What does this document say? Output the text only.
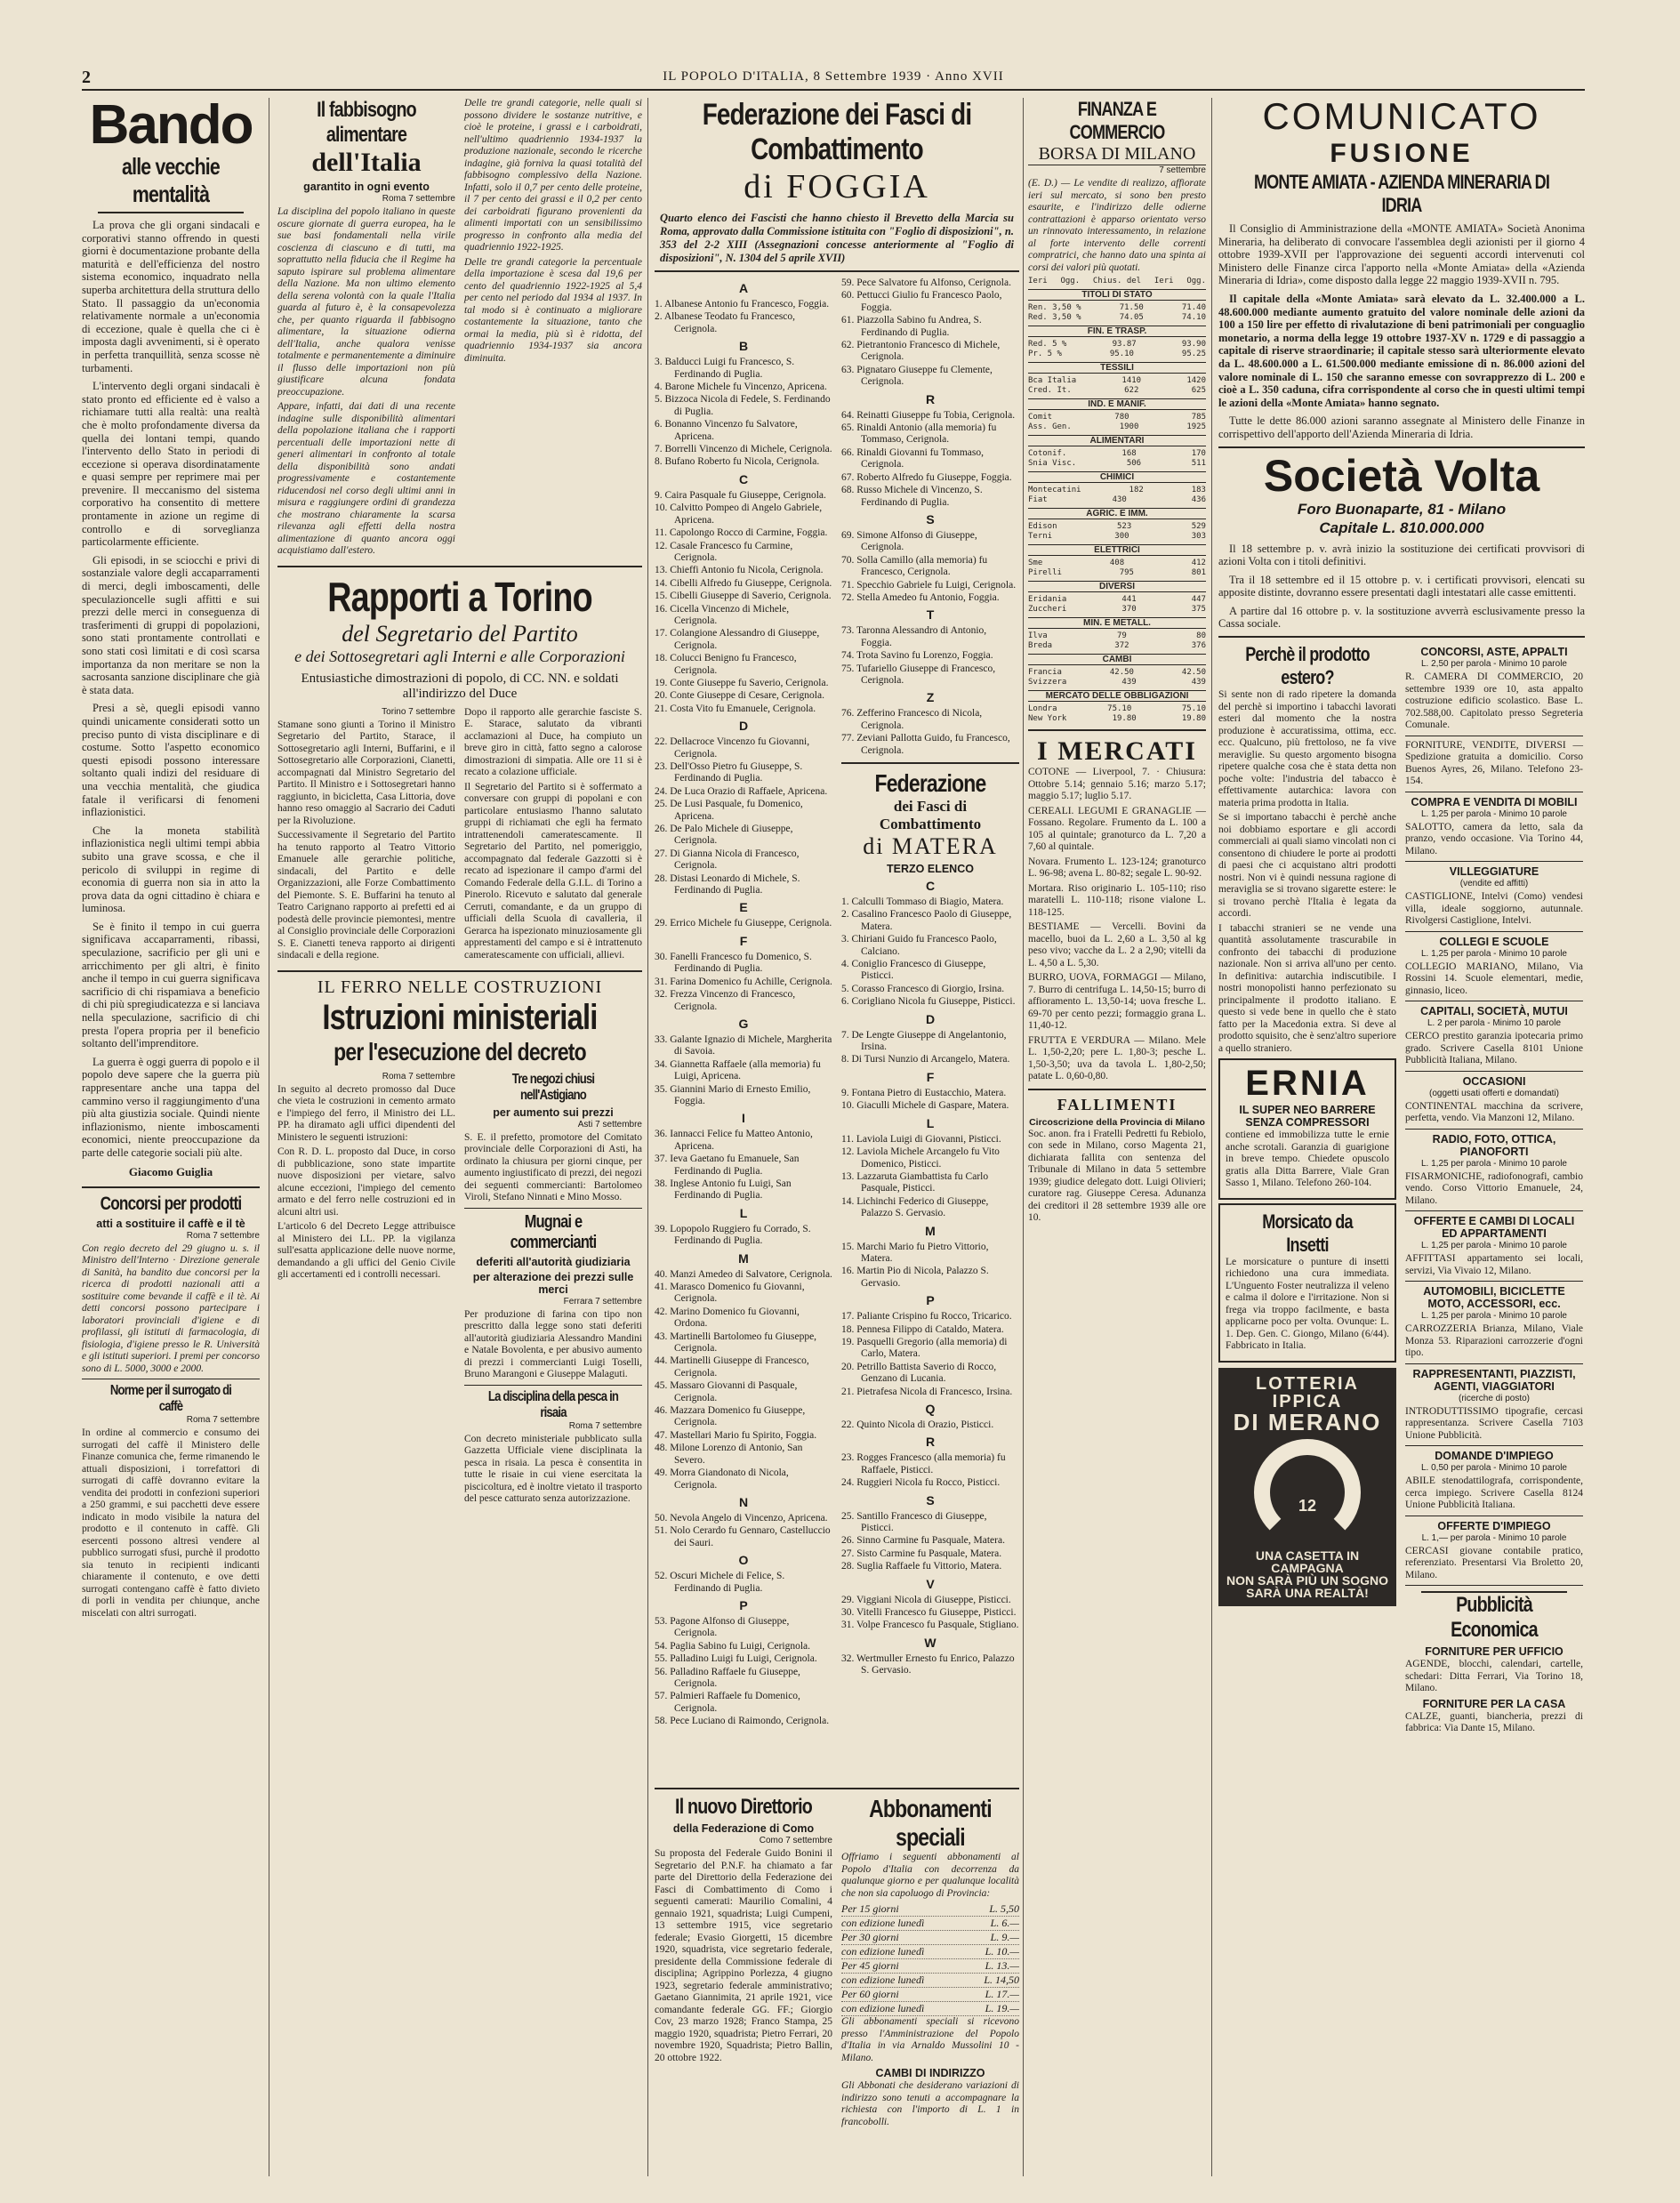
2	IL POPOLO D'ITALIA, 8 Settembre 1939 · Anno XVII
Bando
alle vecchie mentalità

La prova che gli organi sindacali e corporativi stanno offrendo in questi giorni è documentazione probante della maturità e dell'efficienza del nostro sistema economico, inquadrato nella superba architettura della struttura dello Stato. Il passaggio da un'economia relativamente normale a un'economia di eccezione, quale è quella che ci è imposta dagli avvenimenti, si è operato in perfetta tranquillità, senza scosse nè turbamenti.

L'intervento degli organi sindacali è stato pronto ed efficiente ed è valso a richiamare tutti alla realtà: una realtà che è molto profondamente diversa da quella dei lontani tempi, quando l'intervento dello Stato in periodi di eccezione si operava disordinatamente e quasi sempre per reprimere mai per prevenire. Il meccanismo del sistema corporativo ha consentito di mettere prontamente in azione un regime di controllo e di sorveglianza particolarmente efficiente.

Gli episodi, in se sciocchi e privi di sostanziale valore degli accaparramenti di merci, degli imboscamenti, delle speculazioncelle sugli affitti e sui prezzi delle merci in conseguenza di trasferimenti di gruppi di popolazioni, sono stati prontamente controllati e sono stati così limitati e di così scarsa importanza da non meritare se non la sacrosanta sanzione disciplinare che già è stata data.

Presi a sè, quegli episodi vanno quindi unicamente considerati sotto un preciso punto di vista disciplinare e di costume. Sotto l'aspetto economico questi episodi possono interessare soltanto quali indizi del residuare di una vecchia mentalità, che giudica fatale il verificarsi di fenomeni inflazionistici.

Che la moneta stabilità inflazionistica negli ultimi tempi abbia subito una grave scossa, e che il pericolo di sviluppi in regime di economia di guerra non sia in atto la prova data da ogni cittadino è chiara e luminosa.

Se è finito il tempo in cui guerra significava accaparramenti, ribassi, speculazione, sacrificio per gli uni e arricchimento per gli altri, è finito anche il tempo in cui guerra significava sacrificio di chi rispamiava a beneficio di chi più spregiudicatezza e si lanciava nella speculazione, sacrificio di chi presta l'opera propria per il beneficio soltanto dell'imprenditore.

La guerra è oggi guerra di popolo e il popolo deve sapere che la guerra più rappresentare anche una tappa del cammino verso il raggiungimento d'una più alta giustizia sociale. Quindi niente inflazionismo, niente imboscamenti economici, niente preoccupazione da parte delle categorie sociali più alte.

Giacomo Guiglia
Concorsi per prodotti
atti a sostituire il caffè e il tè
Roma 7 settembre

Con regio decreto del 29 giugno u. s. il Ministro dell'Interno · Direzione generale di Sanità, ha bandito due concorsi per la ricerca di prodotti nazionali atti a sostituire come bevande il caffè e il tè. Ai detti concorsi possono partecipare i laboratori provinciali d'igiene e di profilassi, gli istituti di farmacologia, di fisiologia, d'igiene presso le R. Università e gli istituti superiori. I premi per concorso sono di L. 5000, 3000 e 2000.

Norme per il surrogato di caffè
Roma 7 settembre

In ordine al commercio e consumo dei surrogati del caffè il Ministero delle Finanze comunica che, ferme rimanendo le attuali disposizioni, i torrefattori di surrogati di caffè dovranno evitare la vendita dei prodotti in confezioni superiori a 250 grammi, e sui pacchetti deve essere indicato in modo visibile la natura del prodotto e il contenuto in caffè. Gli esercenti possono altresì vendere al pubblico surrogati sfusi, purchè il prodotto sia tenuto in recipienti indicanti chiaramente il contenuto, e ove detti surrogati contengano caffè è fatto divieto di porli in vendita per chiunque, anche miscelati con altri surrogati.

Il fabbisogno alimentare
dell'Italia
garantito in ogni evento
Roma 7 settembre

La disciplina del popolo italiano in queste oscure giornate di guerra europea, ha le sue basi fondamentali nella virile coscienza di ciascuno e di tutti, ma soprattutto nella fiducia che il Regime ha saputo ispirare sul problema alimentare della Nazione. Ma non ultimo elemento della serena volontà con la quale l'Italia guarda al futuro è, è la consapevolezza che, per quanto riguarda il fabbisogno alimentare, la situazione odierna dell'Italia, anche qualora venisse totalmente e permanentemente a diminuire il flusso delle importazioni non più giustificare alcuna fondata preoccupazione.

Appare, infatti, dai dati di una recente indagine sulle disponibilità alimentari della popolazione italiana che i rapporti percentuali delle importazioni nette di generi alimentari in confronto al totale della disponibilità sono andati progressivamente e costantemente riducendosi nel corso degli ultimi anni in misura e raggiungere ordini di grandezza che mostrano chiaramente la scarsa rilevanza agli effetti della nostra alimentazione di quanto ancora oggi acquistiamo dall'estero.

Delle tre grandi categorie, nelle quali si possono dividere le sostanze nutritive, e cioè le proteine, i grassi e i carboidrati, nell'ultimo quadriennio 1934-1937 la produzione nazionale, secondo le ricerche indagine, già forniva la quasi totalità del fabbisogno complessivo della Nazione. Infatti, solo il 0,7 per cento delle proteine, il 7 per cento dei grassi e il 0,2 per cento dei carboidrati figurano provenienti da alimenti importati con un sensibilissimo progresso in confronto alla media del quadriennio 1922-1925.

Delle tre grandi categorie la percentuale della importazione è scesa dal 19,6 per cento del quadriennio 1922-1925 al 5,4 per cento nel periodo dal 1934 al 1937. In tal modo si è continuato a migliorare costantemente la situazione, tanto che ormai la media, più sì è ridotta, del quadriennio 1934-1937 sia ancora diminuita.

Rapporti a Torino
del Segretario del Partito
e dei Sottosegretari agli Interni e alle Corporazioni
Entusiastiche dimostrazioni di popolo, di CC. NN. e soldati all'indirizzo del Duce
Torino 7 settembre

Stamane sono giunti a Torino il Ministro Segretario del Partito, Starace, il Sottosegretario agli Interni, Buffarini, e il Sottosegretario alle Corporazioni, Cianetti, accompagnati dal Ministro Segretario del Partito. Il Ministro e i Sottosegretari hanno raggiunto, in bicicletta, Casa Littoria, dove hanno reso omaggio al Sacrario dei Caduti per la Rivoluzione.

Successivamente il Segretario del Partito ha tenuto rapporto al Teatro Vittorio Emanuele alle gerarchie politiche, sindacali, del Partito e delle Organizzazioni, alle Forze Combattimento del Piemonte. S. E. Buffarini ha tenuto al Teatro Carignano rapporto ai prefetti ed ai podestà delle provincie piemontesi, mentre al Consiglio provinciale delle Corporazioni S. E. Cianetti teneva rapporto ai dirigenti sindacali e della regione.

Dopo il rapporto alle gerarchie fasciste S. E. Starace, salutato da vibranti acclamazioni al Duce, ha compiuto un breve giro in città, fatto segno a calorose dimostrazioni di simpatia. Alle ore 11 si è recato a colazione ufficiale.

Il Segretario del Partito si è soffermato a conversare con gruppi di popolani e con particolare entusiasmo l'hanno salutato gruppi di richiamati che egli ha fermato intrattenendoli cameratescamente. Il Segretario del Partito, nel pomeriggio, accompagnato dal federale Gazzotti si è recato ad ispezionare il campo d'armi del Comando Federale della G.I.L. di Torino a Pinerolo. Ricevuto e salutato dal generale Cerruti, comandante, e da un gruppo di ufficiali della Scuola di cavalleria, il Gerarca ha ispezionato minuziosamente gli apprestamenti del campo e si è intrattenuto cameratescamente con ufficiali, allievi.

IL FERRO NELLE COSTRUZIONI
Istruzioni ministeriali
per l'esecuzione del decreto
Roma 7 settembre

In seguito al decreto promosso dal Duce che vieta le costruzioni in cemento armato e l'impiego del ferro, il Ministro dei LL. PP. ha diramato agli uffici dipendenti del Ministero le seguenti istruzioni:

Con R. D. L. proposto dal Duce, in corso di pubblicazione, sono state impartite nuove disposizioni per vietare, salvo alcune eccezioni, l'impiego del cemento armato e del ferro nelle costruzioni ed in alcuni altri usi.

L'articolo 6 del Decreto Legge attribuisce al Ministero dei LL. PP. la vigilanza sull'esatta applicazione delle nuove norme, demandando a gli uffici del Genio Civile gli accertamenti ed i controlli necessari.

Tre negozi chiusi nell'Astigiano
per aumento sui prezzi
Asti 7 settembre

S. E. il prefetto, promotore del Comitato provinciale delle Corporazioni di Asti, ha ordinato la chiusura per giorni cinque, per aumento ingiustificato di prezzi, dei negozi dei seguenti commercianti: Bartolomeo Viroli, Stefano Ninnati e Mino Mosso.

Mugnai e commercianti
deferiti all'autorità giudiziaria
per alterazione dei prezzi sulle merci
Ferrara 7 settembre

Per produzione di farina con tipo non prescritto dalla legge sono stati deferiti all'autorità giudiziaria Alessandro Mandini e Natale Bovolenta, e per abusivo aumento di prezzi i commercianti Luigi Toselli, Bruno Marangoni e Giuseppe Malaguti.

La disciplina della pesca in risaia
Roma 7 settembre

Con decreto ministeriale pubblicato sulla Gazzetta Ufficiale viene disciplinata la pesca in risaia. La pesca è consentita in tutte le risaie in cui viene esercitata la piscicoltura, ed è inoltre vietato il trasporto del pesce catturato senza autorizzazione.

Federazione dei Fasci di Combattimento
di FOGGIA

Quarto elenco dei Fascisti che hanno chiesto il Brevetto della Marcia su Roma, approvato dalla Commissione istituita con "Foglio di disposizioni", n. 353 del 2-2 XIII (Assegnazioni concesse anteriormente al "Foglio di disposizioni", N. 1304 del 5 aprile XVII)

A
1. Albanese Antonio fu Francesco, Foggia.
2. Albanese Teodato fu Francesco, Cerignola.
B
3. Balducci Luigi fu Francesco, S. Ferdinando di Puglia.
4. Barone Michele fu Vincenzo, Apricena.
5. Bizzoca Nicola di Fedele, S. Ferdinando di Puglia.
6. Bonanno Vincenzo fu Salvatore, Apricena.
7. Borrelli Vincenzo di Michele, Cerignola.
8. Bufano Roberto fu Nicola, Cerignola.
C
9. Caira Pasquale fu Giuseppe, Cerignola.
10. Calvitto Pompeo di Angelo Gabriele, Apricena.
11. Capolongo Rocco di Carmine, Foggia.
12. Casale Francesco fu Carmine, Cerignola.
13. Chieffi Antonio fu Nicola, Cerignola.
14. Cibelli Alfredo fu Giuseppe, Cerignola.
15. Cibelli Giuseppe di Saverio, Cerignola.
16. Cicella Vincenzo di Michele, Cerignola.
17. Colangione Alessandro di Giuseppe, Cerignola.
18. Colucci Benigno fu Francesco, Cerignola.
19. Conte Giuseppe fu Saverio, Cerignola.
20. Conte Giuseppe di Cesare, Cerignola.
21. Costa Vito fu Emanuele, Cerignola.
D
22. Dellacroce Vincenzo fu Giovanni, Cerignola.
23. Dell'Osso Pietro fu Giuseppe, S. Ferdinando di Puglia.
24. De Luca Orazio di Raffaele, Apricena.
25. De Lusi Pasquale, fu Domenico, Apricena.
26. De Palo Michele di Giuseppe, Cerignola.
27. Di Gianna Nicola di Francesco, Cerignola.
28. Distasi Leonardo di Michele, S. Ferdinando di Puglia.
E
29. Errico Michele fu Giuseppe, Cerignola.
F
30. Fanelli Francesco fu Domenico, S. Ferdinando di Puglia.
31. Farina Domenico fu Achille, Cerignola.
32. Frezza Vincenzo di Francesco, Cerignola.
G
33. Galante Ignazio di Michele, Margherita di Savoia.
34. Giannetta Raffaele (alla memoria) fu Luigi, Apricena.
35. Giannini Mario di Ernesto Emilio, Foggia.
I
36. Iannacci Felice fu Matteo Antonio, Apricena.
37. Ieva Gaetano fu Emanuele, San Ferdinando di Puglia.
38. Inglese Antonio fu Luigi, San Ferdinando di Puglia.
L
39. Lopopolo Ruggiero fu Corrado, S. Ferdinando di Puglia.
M
40. Manzi Amedeo di Salvatore, Cerignola.
41. Marasco Domenico fu Giovanni, Cerignola.
42. Marino Domenico fu Giovanni, Ordona.
43. Martinelli Bartolomeo fu Giuseppe, Cerignola.
44. Martinelli Giuseppe di Francesco, Cerignola.
45. Massaro Giovanni di Pasquale, Cerignola.
46. Mazzara Domenico fu Giuseppe, Cerignola.
47. Mastellari Mario fu Spirito, Foggia.
48. Milone Lorenzo di Antonio, San Severo.
49. Morra Giandonato di Nicola, Cerignola.
N
50. Nevola Angelo di Vincenzo, Apricena.
51. Nolo Cerardo fu Gennaro, Castelluccio dei Sauri.
O
52. Oscuri Michele di Felice, S. Ferdinando di Puglia.
P
53. Pagone Alfonso di Giuseppe, Cerignola.
54. Paglia Sabino fu Luigi, Cerignola.
55. Palladino Luigi fu Luigi, Cerignola.
56. Palladino Raffaele fu Giuseppe, Cerignola.
57. Palmieri Raffaele fu Domenico, Cerignola.
58. Pece Luciano di Raimondo, Cerignola.
59. Pece Salvatore fu Alfonso, Cerignola.
60. Pettucci Giulio fu Francesco Paolo, Foggia.
61. Piazzolla Sabino fu Andrea, S. Ferdinando di Puglia.
62. Pietrantonio Francesco di Michele, Cerignola.
63. Pignataro Giuseppe fu Clemente, Cerignola.
R
64. Reinatti Giuseppe fu Tobia, Cerignola.
65. Rinaldi Antonio (alla memoria) fu Tommaso, Cerignola.
66. Rinaldi Giovanni fu Tommaso, Cerignola.
67. Roberto Alfredo fu Giuseppe, Foggia.
68. Russo Michele di Vincenzo, S. Ferdinando di Puglia.
S
69. Simone Alfonso di Giuseppe, Cerignola.
70. Solla Camillo (alla memoria) fu Francesco, Cerignola.
71. Specchio Gabriele fu Luigi, Cerignola.
72. Stella Amedeo fu Antonio, Foggia.
T
73. Taronna Alessandro di Antonio, Foggia.
74. Trota Savino fu Lorenzo, Foggia.
75. Tufariello Giuseppe di Francesco, Cerignola.
Z
76. Zefferino Francesco di Nicola, Cerignola.
77. Zeviani Pallotta Guido, fu Francesco, Cerignola.
Federazione
dei Fasci di Combattimento
di MATERA
TERZO ELENCO
C
1. Calculli Tommaso di Biagio, Matera.
2. Casalino Francesco Paolo di Giuseppe, Matera.
3. Chiriani Guido fu Francesco Paolo, Calciano.
4. Coniglio Francesco di Giuseppe, Pisticci.
5. Corasso Francesco di Giorgio, Irsina.
6. Corigliano Nicola fu Giuseppe, Pisticci.
D
7. De Lengte Giuseppe di Angelantonio, Irsina.
8. Di Tursi Nunzio di Arcangelo, Matera.
F
9. Fontana Pietro di Eustacchio, Matera.
10. Giaculli Michele di Gaspare, Matera.
L
11. Laviola Luigi di Giovanni, Pisticci.
12. Laviola Michele Arcangelo fu Vito Domenico, Pisticci.
13. Lazzaruta Giambattista fu Carlo Pasquale, Pisticci.
14. Lichinchi Federico di Giuseppe, Palazzo S. Gervasio.
M
15. Marchi Mario fu Pietro Vittorio, Matera.
16. Martin Pio di Nicola, Palazzo S. Gervasio.
P
17. Paliante Crispino fu Rocco, Tricarico.
18. Pennesa Filippo di Cataldo, Matera.
19. Pasquelli Gregorio (alla memoria) di Carlo, Matera.
20. Petrillo Battista Saverio di Rocco, Genzano di Lucania.
21. Pietrafesa Nicola di Francesco, Irsina.
Q
22. Quinto Nicola di Orazio, Pisticci.
R
23. Rogges Francesco (alla memoria) fu Raffaele, Pisticci.
24. Ruggieri Nicola fu Rocco, Pisticci.
S
25. Santillo Francesco di Giuseppe, Pisticci.
26. Sinno Carmine fu Pasquale, Matera.
27. Sisto Carmine fu Pasquale, Matera.
28. Suglia Raffaele fu Vittorio, Matera.
V
29. Viggiani Nicola di Giuseppe, Pisticci.
30. Vitelli Francesco fu Giuseppe, Pisticci.
31. Volpe Francesco fu Pasquale, Stigliano.
W
32. Wertmuller Ernesto fu Enrico, Palazzo S. Gervasio.
FINANZA E COMMERCIO
BORSA DI MILANO
7 settembre

(E. D.) — Le vendite di realizzo, affiorate ieri sul mercato, si sono ben presto esaurite, e l'indirizzo delle odierne contrattazioni è apparso orientato verso un rinnovato interessamento, in relazione al forte intervento delle correnti compratrici, che hanno dato una spinta ai corsi dei valori più quotati.

Ieri Ogg. Chius. del Ieri Ogg.
TITOLI DI STATO
Ren. 3,50 %	71.50	71.40
Red. 3,50 %	74.05	74.10
FIN. E TRASP.
Red. 5 %	93.87	93.90
Pr. 5 %	95.10	95.25
TESSILI
Bca Italia	1410	1420
Cred. It.	622	625
IND. E MANIF.
Comit	780	785
Ass. Gen.	1900	1925
ALIMENTARI
Cotonif.	168	170
Snia Visc.	506	511
CHIMICI
Montecatini	182	183
Fiat	430	436
AGRIC. E IMM.
Edison	523	529
Terni	300	303
ELETTRICI
Sme	408	412
Pirelli	795	801
DIVERSI
Eridania	441	447
Zuccheri	370	375
MIN. E METALL.
Ilva	79	80
Breda	372	376
CAMBI
Francia	42.50	42.50
Svizzera	439	439
MERCATO DELLE OBBLIGAZIONI
Londra	75.10	75.10
New York	19.80	19.80
I MERCATI

COTONE — Liverpool, 7. · Chiusura: Ottobre 5.14; gennaio 5.16; marzo 5.17; maggio 5.17; luglio 5.17.

CEREALI. LEGUMI E GRANAGLIE — Fossano. Regolare. Frumento da L. 100 a 105 al quintale; granoturco da L. 7,20 a 7,60 al quintale.

Novara. Frumento L. 123-124; granoturco L. 96-98; avena L. 80-82; segale L. 90-92.

Mortara. Riso originario L. 105-110; riso maratelli L. 110-118; risone vialone L. 118-125.

BESTIAME — Vercelli. Bovini da macello, buoi da L. 2,60 a L. 3,50 al kg peso vivo; vacche da L. 2 a 2,90; vitelli da L. 4,50 a L. 5,30.

BURRO, UOVA, FORMAGGI — Milano, 7. Burro di centrifuga L. 14,50-15; burro di affioramento L. 13,50-14; uova fresche L. 69-70 per cento pezzi; formaggio grana L. 11,40-12.

FRUTTA E VERDURA — Milano. Mele L. 1,50-2,20; pere L. 1,80-3; pesche L. 1,50-3,50; uva da tavola L. 1,80-2,50; patate L. 0,60-0,80.

FALLIMENTI
Circoscrizione della Provincia di Milano

Soc. anon. fra i Fratelli Pedretti fu Rebiolo, con sede in Milano, corso Magenta 21, dichiarata fallita con sentenza del Tribunale di Milano in data 5 settembre 1939; giudice delegato dott. Luigi Olivieri; curatore rag. Giuseppe Ceresa. Adunanza dei creditori il 28 settembre 1939 alle ore 10.

Il nuovo Direttorio
della Federazione di Como
Como 7 settembre

Su proposta del Federale Guido Bonini il Segretario del P.N.F. ha chiamato a far parte del Direttorio della Federazione dei Fasci di Combattimento di Como i seguenti camerati: Maurilio Comalini, 4 gennaio 1921, squadrista; Luigi Cumpeni, 13 settembre 1915, vice segretario federale; Evasio Giorgetti, 15 dicembre 1920, squadrista, vice segretario federale, presidente della Commissione federale di disciplina; Agrippino Porlezza, 4 giugno 1923, segretario federale amministrativo; Gaetano Giannimita, 21 aprile 1921, vice comandante federale GG. FF.; Giorgio Cov, 23 marzo 1928; Franco Stampa, 25 maggio 1920, squadrista; Pietro Ferrari, 20 novembre 1920, Squadrista; Pietro Ballin, 20 ottobre 1922.

Abbonamenti speciali

Offriamo i seguenti abbonamenti al Popolo d'Italia con decorrenza da qualunque giorno e per qualunque località che non sia capoluogo di Provincia:

Per 15 giorni	L. 5,50
con edizione lunedì	L. 6.—
Per 30 giorni	L. 9.—
con edizione lunedì	L. 10.—
Per 45 giorni	L. 13.—
con edizione lunedì	L. 14,50
Per 60 giorni	L. 17.—
con edizione lunedì	L. 19.—

Gli abbonamenti speciali si ricevono presso l'Amministrazione del Popolo d'Italia in via Arnaldo Mussolini 10 - Milano.

CAMBI DI INDIRIZZO

Gli Abbonati che desiderano variazioni di indirizzo sono tenuti a accompagnare la richiesta con l'importo di L. 1 in francobolli.

COMUNICATO
FUSIONE
MONTE AMIATA - AZIENDA MINERARIA DI IDRIA

Il Consiglio di Amministrazione della «MONTE AMIATA» Società Anonima Mineraria, ha deliberato di convocare l'assemblea degli azionisti per il giorno 4 ottobre 1939-XVII per l'approvazione dei seguenti accordi intervenuti col Ministero delle Finanze circa l'apporto nella «Monte Amiata» della «Azienda Mineraria di Idria», come disposto dalla legge 22 maggio 1939-XVII n. 795.

Il capitale della «Monte Amiata» sarà elevato da L. 32.400.000 a L. 48.600.000 mediante aumento gratuito del valore nominale delle azioni da 100 a 150 lire per effetto di rivalutazione di beni patrimoniali per conguaglio monetario, a norma della legge 19 ottobre 1937-XV n. 1729 e di passaggio a capitale di riserve straordinarie; il capitale stesso sarà ulteriormente elevato da L. 48.600.000 a L. 61.500.000 mediante emissione di n. 86.000 azioni del valore nominale di L. 150 che saranno emesse con sovrapprezzo di L. 200 e cioè a L. 350 caduna, cifra corrispondente al corso che in questi ultimi tempi le azioni della «Monte Amiata» hanno segnato.

Tutte le dette 86.000 azioni saranno assegnate al Ministero delle Finanze in corrispettivo dell'apporto dell'Azienda Mineraria di Idria.

Società Volta
Foro Buonaparte, 81 - Milano
Capitale L. 810.000.000

Il 18 settembre p. v. avrà inizio la sostituzione dei certificati provvisori di azioni Volta con i titoli definitivi.

Tra il 18 settembre ed il 15 ottobre p. v. i certificati provvisori, elencati su apposite distinte, dovranno essere presentati dagli intestatari alle casse emittenti.

A partire dal 16 ottobre p. v. la sostituzione avverrà esclusivamente presso la Cassa sociale.

Perchè il prodotto estero?

Si sente non di rado ripetere la domanda del perchè si importino i tabacchi lavorati esteri dal momento che la nostra produzione è accuratissima, ottima, ecc. ecc. Qualcuno, più frettoloso, ne fa vive meraviglie. Su questo argomento bisogna ripetere qualche cosa che è stata detta non poche volte: l'industria del tabacco è effettivamente autarchica: lavora con materia prima prodotta in Italia.

Se si importano tabacchi è perchè anche noi dobbiamo esportare e gli accordi commerciali ai quali siamo vincolati non ci consentono di chiudere le porte ai prodotti di paesi che ci acquistano altri prodotti nostri. Non vi è quindi nessuna ragione di meraviglia se si trovano sigarette estere: le si trovano perchè l'Italia è legata da accordi.

I tabacchi stranieri se ne vende una quantità assolutamente trascurabile in confronto dei tabacchi di produzione nazionale. Non si arriva all'uno per cento. In definitiva: autarchia indiscutibile. I nostri monopolisti hanno perfezionato su principalmente il prodotto italiano. E questo si vede bene in quello che è stato fatto per la Macedonia extra. Si deve al prodotto squisito, che è senz'altro superiore a quello straniero.

ERNIA
IL SUPER NEO BARRERE SENZA COMPRESSORI

contiene ed immobilizza tutte le ernie anche scrotali. Garanzia di guarigione in breve tempo. Chiedete opuscolo gratis alla Ditta Barrere, Viale Gran Sasso 1, Milano. Telefono 260-104.

Morsicato da Insetti

Le morsicature o punture di insetti richiedono una cura immediata. L'Unguento Foster neutralizza il veleno e calma il dolore e l'irritazione. Non si frega via troppo facilmente, e basta applicarne poco per volta. Ovunque: L. 1. Dep. Gen. C. Giongo, Milano (6/44). Fabbricato in Italia.

LOTTERIA IPPICA
DI MERANO
12
UNA CASETTA IN CAMPAGNA
NON SARÀ PIÙ UN SOGNO
SARÀ UNA REALTÀ!
CONCORSI, ASTE, APPALTI
L. 2,50 per parola - Minimo 10 parole

R. CAMERA DI COMMERCIO, 20 settembre 1939 ore 10, asta appalto costruzione edificio scolastico. Base L. 702.588,00. Capitolato presso Segreteria Comunale.

FORNITURE, VENDITE, DIVERSI — Spedizione gratuita a domicilio. Corso Buenos Ayres, 26, Milano. Telefono 23-154.

COMPRA E VENDITA DI MOBILI
L. 1,25 per parola - Minimo 10 parole

SALOTTO, camera da letto, sala da pranzo, vendo occasione. Via Torino 44, Milano.

VILLEGGIATURE
(vendite ed affitti)

CASTIGLIONE, Intelvi (Como) vendesi villa, ideale soggiorno, autunnale. Rivolgersi Castiglione, Intelvi.

COLLEGI E SCUOLE
L. 1,25 per parola - Minimo 10 parole

COLLEGIO MARIANO, Milano, Via Rossini 14. Scuole elementari, medie, ginnasio, liceo.

CAPITALI, SOCIETÀ, MUTUI
L. 2 per parola - Minimo 10 parole

CERCO prestito garanzia ipotecaria primo grado. Scrivere Casella 8101 Unione Pubblicità Italiana, Milano.

OCCASIONI
(oggetti usati offerti e domandati)

CONTINENTAL macchina da scrivere, perfetta, vendo. Via Manzoni 12, Milano.

RADIO, FOTO, OTTICA, PIANOFORTI
L. 1,25 per parola - Minimo 10 parole

FISARMONICHE, radiofonografi, cambio vendo. Corso Vittorio Emanuele, 24, Milano.

OFFERTE E CAMBI DI LOCALI ED APPARTAMENTI
L. 1,25 per parola - Minimo 10 parole

AFFITTASI appartamento sei locali, servizi, Via Vivaio 12, Milano.

AUTOMOBILI, BICICLETTE MOTO, ACCESSORI, ecc.
L. 1,25 per parola - Minimo 10 parole

CARROZZERIA Brianza, Milano, Viale Monza 53. Riparazioni carrozzerie d'ogni tipo.

RAPPRESENTANTI, PIAZZISTI, AGENTI, VIAGGIATORI
(ricerche di posto)

INTRODUTTISSIMO tipografie, cercasi rappresentanza. Scrivere Casella 7103 Unione Pubblicità.

DOMANDE D'IMPIEGO
L. 0,50 per parola - Minimo 10 parole

ABILE stenodattilografa, corrispondente, cerca impiego. Scrivere Casella 8124 Unione Pubblicità Italiana.

OFFERTE D'IMPIEGO
L. 1,— per parola - Minimo 10 parole

CERCASI giovane contabile pratico, referenziato. Presentarsi Via Broletto 20, Milano.

Pubblicità Economica
FORNITURE PER UFFICIO

AGENDE, blocchi, calendari, cartelle, schedari: Ditta Ferrari, Via Torino 18, Milano.

FORNITURE PER LA CASA

CALZE, guanti, biancheria, prezzi di fabbrica: Via Dante 15, Milano.
